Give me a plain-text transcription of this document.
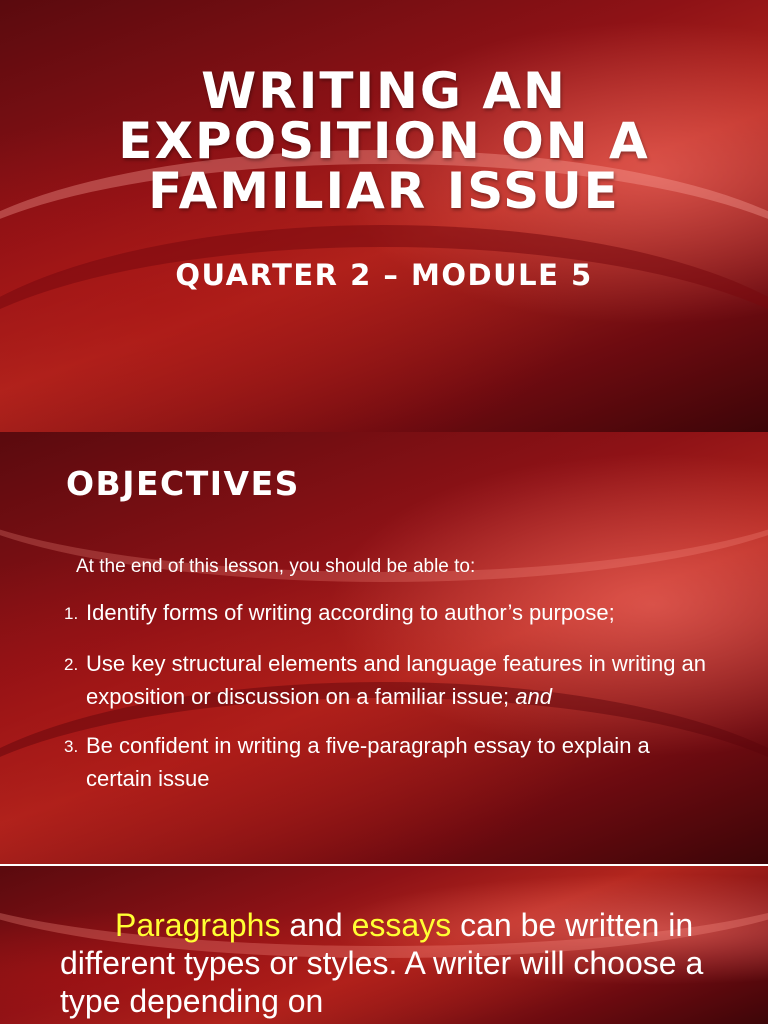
WRITING AN EXPOSITION ON A FAMILIAR ISSUE
QUARTER 2 – MODULE 5
OBJECTIVES

At the end of this lesson, you should be able to:

1. Identify forms of writing according to author’s purpose;
2. Use key structural elements and language features in writing an exposition or discussion on a familiar issue; and
3. Be confident in writing a five-paragraph essay to explain a certain issue

Paragraphs and essays can be written in different types or styles. A writer will choose a type depending on
